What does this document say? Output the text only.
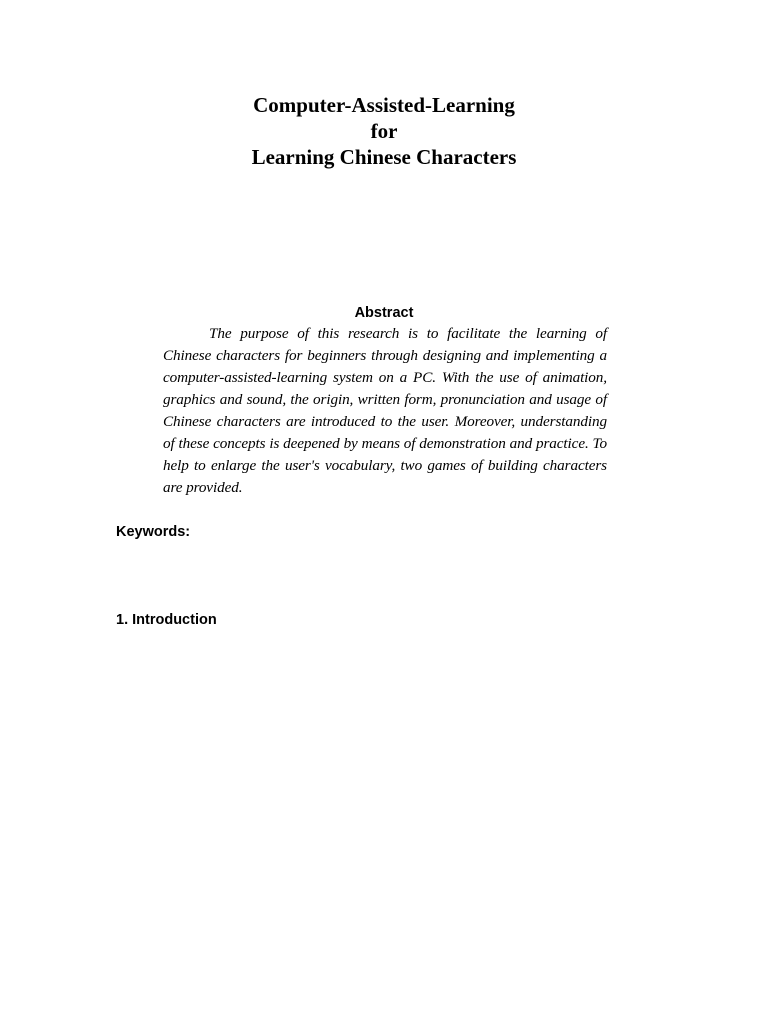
Computer-Assisted-Learning
for
Learning Chinese Characters
Abstract

The purpose of this research is to facilitate the learning of Chinese characters for beginners through designing and implementing a computer-assisted-learning system on a PC. With the use of animation, graphics and sound, the origin, written form, pronunciation and usage of Chinese characters are introduced to the user. Moreover, understanding of these concepts is deepened by means of demonstration and practice. To help to enlarge the user's vocabulary, two games of building characters are provided.

Keywords:
1. Introduction
